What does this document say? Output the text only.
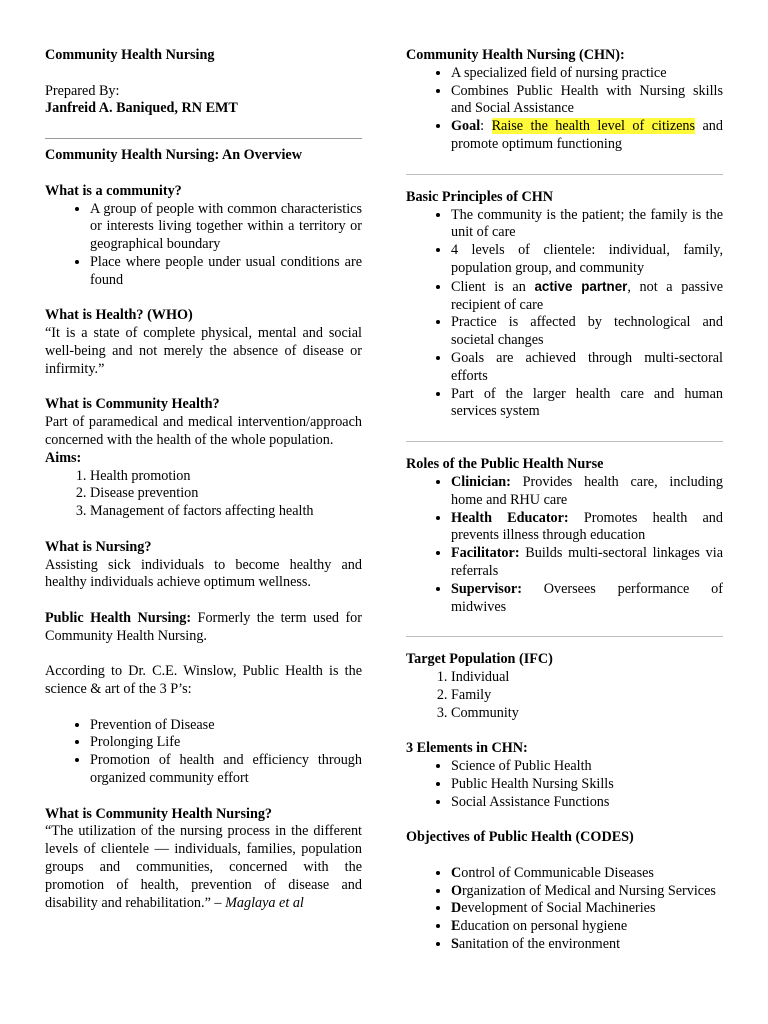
Community Health Nursing

Prepared By:

Janfreid A. Baniqued, RN EMT

Community Health Nursing: An Overview

What is a community?

• A group of people with common characteristics or interests living together within a territory or geographical boundary
• Place where people under usual conditions are found

What is Health? (WHO)

“It is a state of complete physical, mental and social well-being and not merely the absence of disease or infirmity.”

What is Community Health?

Part of paramedical and medical intervention/approach concerned with the health of the whole population.

Aims:

1. Health promotion
2. Disease prevention
3. Management of factors affecting health

What is Nursing?

Assisting sick individuals to become healthy and healthy individuals achieve optimum wellness.

Public Health Nursing: Formerly the term used for Community Health Nursing.

According to Dr. C.E. Winslow, Public Health is the science & art of the 3 P’s:

• Prevention of Disease
• Prolonging Life
• Promotion of health and efficiency through organized community effort

What is Community Health Nursing?

“The utilization of the nursing process in the different levels of clientele — individuals, families, population groups and communities, concerned with the promotion of health, prevention of disease and disability and rehabilitation.” – Maglaya et al

Community Health Nursing (CHN):

• A specialized field of nursing practice
• Combines Public Health with Nursing skills and Social Assistance
• Goal: Raise the health level of citizens and promote optimum functioning

Basic Principles of CHN

• The community is the patient; the family is the unit of care
• 4 levels of clientele: individual, family, population group, and community
• Client is an active partner, not a passive recipient of care
• Practice is affected by technological and societal changes
• Goals are achieved through multi-sectoral efforts
• Part of the larger health care and human services system

Roles of the Public Health Nurse

• Clinician: Provides health care, including home and RHU care
• Health Educator: Promotes health and prevents illness through education
• Facilitator: Builds multi-sectoral linkages via referrals
• Supervisor: Oversees performance of midwives

Target Population (IFC)

1. Individual
2. Family
3. Community

3 Elements in CHN:

• Science of Public Health
• Public Health Nursing Skills
• Social Assistance Functions

Objectives of Public Health (CODES)

• Control of Communicable Diseases
• Organization of Medical and Nursing Services
• Development of Social Machineries
• Education on personal hygiene
• Sanitation of the environment
